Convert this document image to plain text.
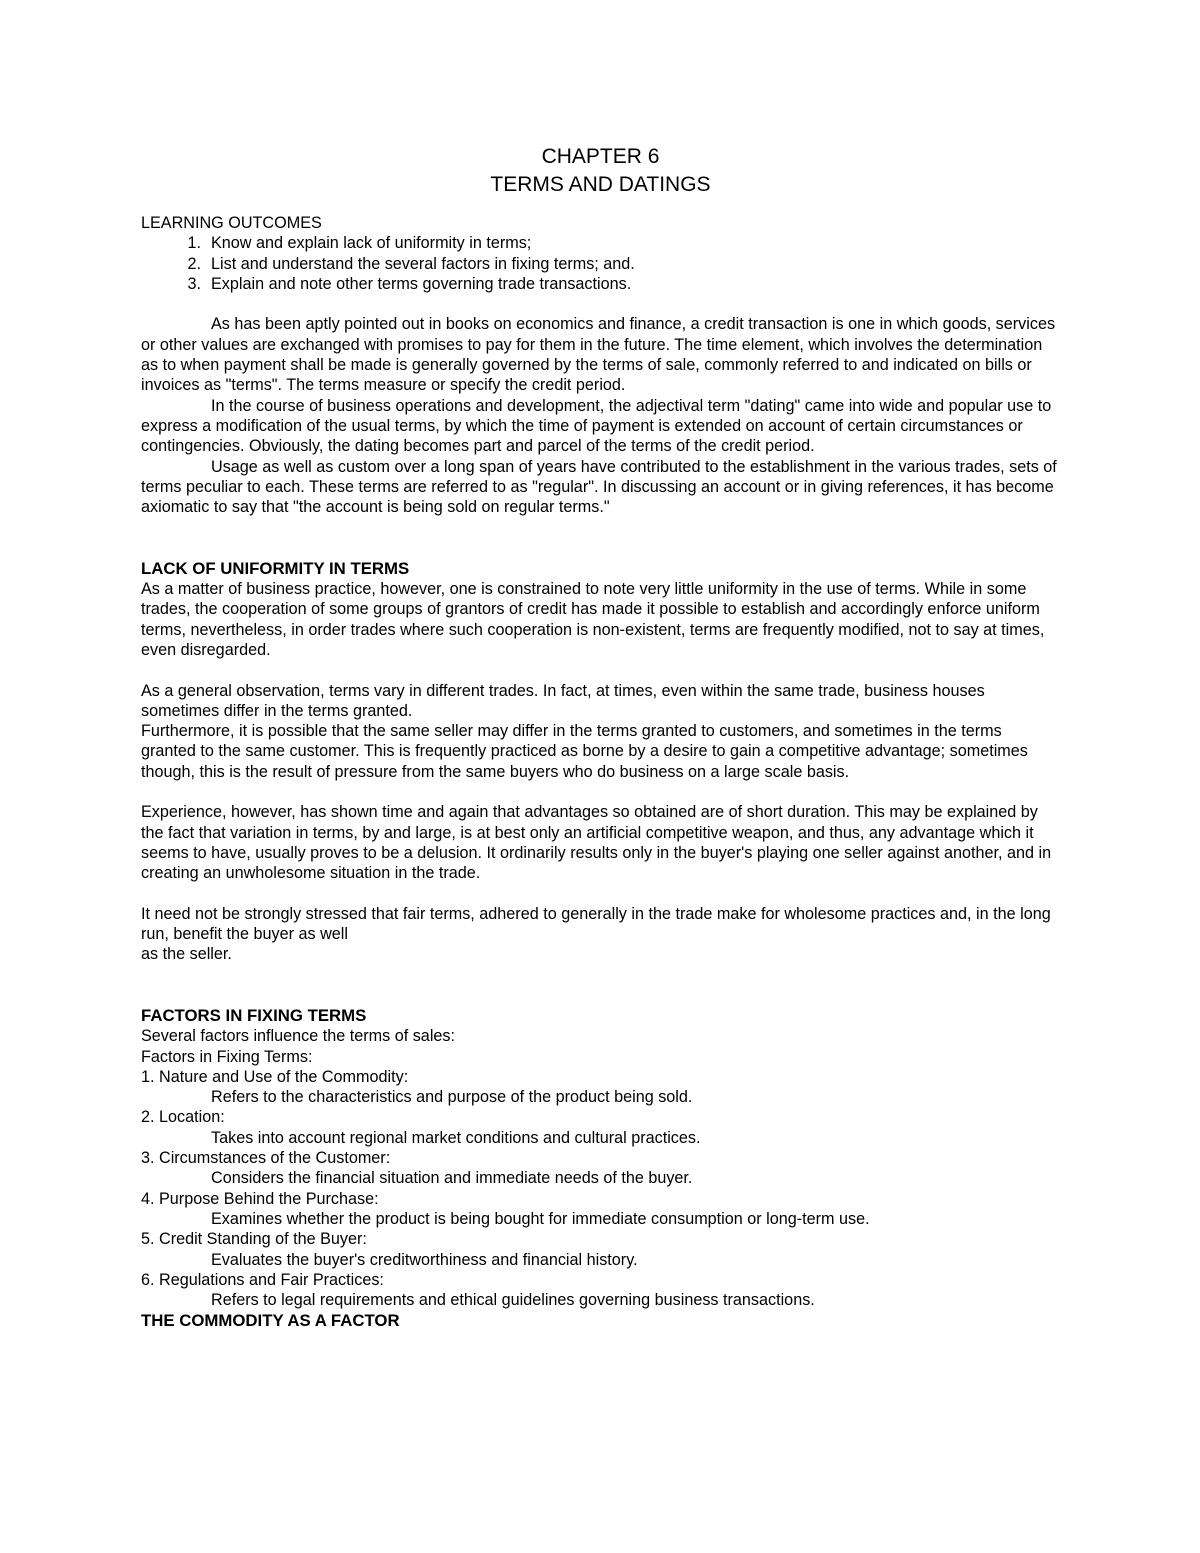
CHAPTER 6
TERMS AND DATINGS
LEARNING OUTCOMES
1. Know and explain lack of uniformity in terms;
2. List and understand the several factors in fixing terms; and.
3. Explain and note other terms governing trade transactions.

As has been aptly pointed out in books on economics and finance, a credit transaction is one in which goods, services or other values are exchanged with promises to pay for them in the future. The time element, which involves the determination as to when payment shall be made is generally governed by the terms of sale, commonly referred to and indicated on bills or invoices as "terms". The terms measure or specify the credit period.

In the course of business operations and development, the adjectival term "dating" came into wide and popular use to express a modification of the usual terms, by which the time of payment is extended on account of certain circumstances or contingencies. Obviously, the dating becomes part and parcel of the terms of the credit period.

Usage as well as custom over a long span of years have contributed to the establishment in the various trades, sets of terms peculiar to each. These terms are referred to as "regular". In discussing an account or in giving references, it has become axiomatic to say that "the account is being sold on regular terms."

LACK OF UNIFORMITY IN TERMS

As a matter of business practice, however, one is constrained to note very little uniformity in the use of terms. While in some trades, the cooperation of some groups of grantors of credit has made it possible to establish and accordingly enforce uniform terms, nevertheless, in order trades where such cooperation is non-existent, terms are frequently modified, not to say at times, even disregarded.

As a general observation, terms vary in different trades. In fact, at times, even within the same trade, business houses sometimes differ in the terms granted.

Furthermore, it is possible that the same seller may differ in the terms granted to customers, and sometimes in the terms granted to the same customer. This is frequently practiced as borne by a desire to gain a competitive advantage; sometimes though, this is the result of pressure from the same buyers who do business on a large scale basis.

Experience, however, has shown time and again that advantages so obtained are of short duration. This may be explained by the fact that variation in terms, by and large, is at best only an artificial competitive weapon, and thus, any advantage which it seems to have, usually proves to be a delusion. It ordinarily results only in the buyer's playing one seller against another, and in creating an unwholesome situation in the trade.

It need not be strongly stressed that fair terms, adhered to generally in the trade make for wholesome practices and, in the long run, benefit the buyer as well

as the seller.

FACTORS IN FIXING TERMS

Several factors influence the terms of sales:

Factors in Fixing Terms:

1. Nature and Use of the Commodity:
Refers to the characteristics and purpose of the product being sold.
2. Location:
Takes into account regional market conditions and cultural practices.
3. Circumstances of the Customer:
Considers the financial situation and immediate needs of the buyer.
4. Purpose Behind the Purchase:
Examines whether the product is being bought for immediate consumption or long-term use.
5. Credit Standing of the Buyer:
Evaluates the buyer's creditworthiness and financial history.
6. Regulations and Fair Practices:
Refers to legal requirements and ethical guidelines governing business transactions.
THE COMMODITY AS A FACTOR
